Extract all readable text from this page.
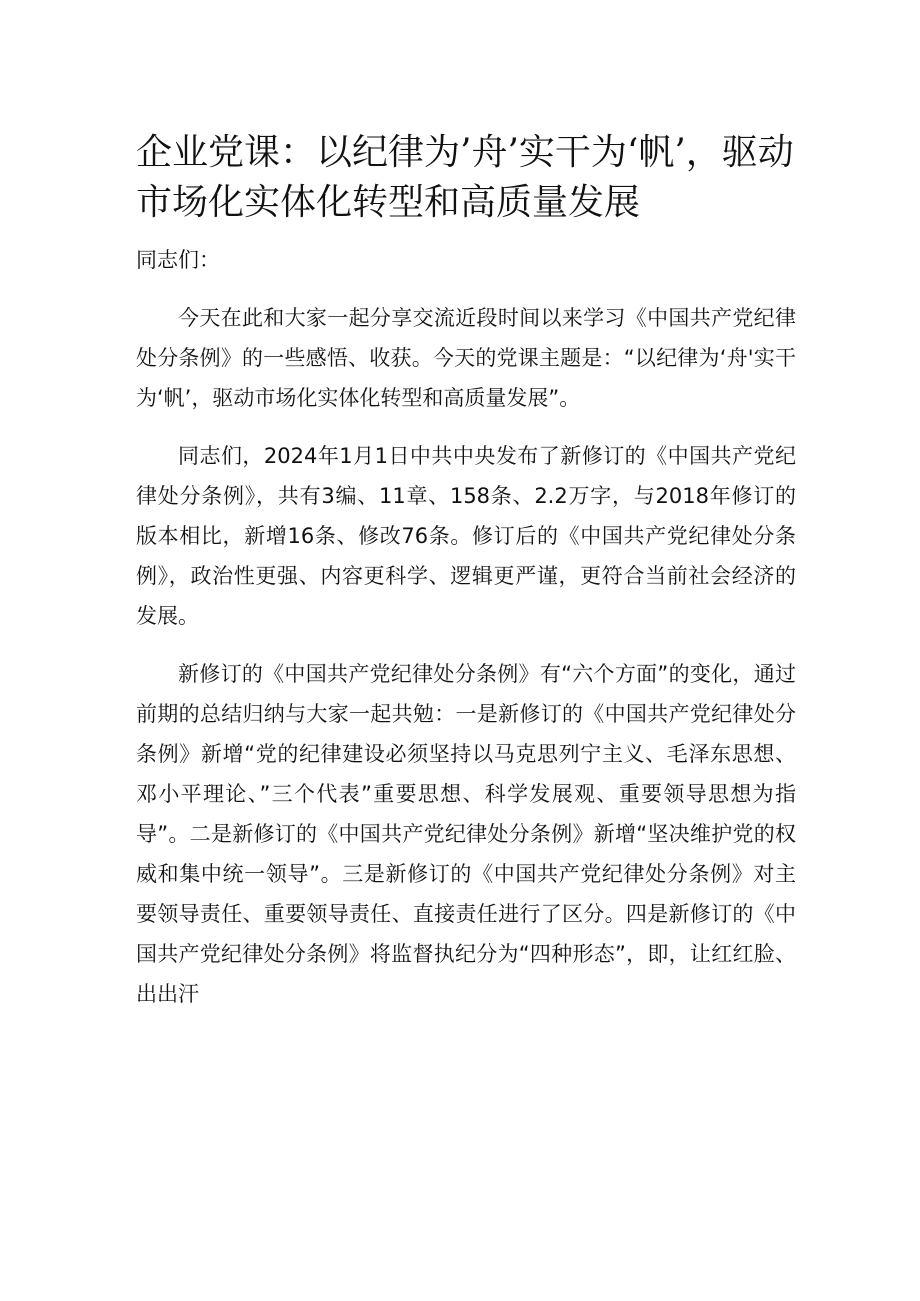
企业党课：以纪律为’舟’实干为‘帆’，驱动市场化实体化转型和高质量发展

同志们：

今天在此和大家一起分享交流近段时间以来学习《中国共产党纪律处分条例》的一些感悟、收获。今天的党课主题是：“以纪律为‘舟'实干为‘帆’，驱动市场化实体化转型和高质量发展”。

同志们，2024年1月1日中共中央发布了新修订的《中国共产党纪律处分条例》，共有3编、11章、158条、2.2万字，与2018年修订的版本相比，新增16条、修改76条。修订后的《中国共产党纪律处分条例》，政治性更强、内容更科学、逻辑更严谨，更符合当前社会经济的发展。

新修订的《中国共产党纪律处分条例》有“六个方面”的变化，通过前期的总结归纳与大家一起共勉：一是新修订的《中国共产党纪律处分条例》新增“党的纪律建设必须坚持以马克思列宁主义、毛泽东思想、邓小平理论、”三个代表”重要思想、科学发展观、重要领导思想为指导”。二是新修订的《中国共产党纪律处分条例》新增“坚决维护党的权威和集中统一领导”。三是新修订的《中国共产党纪律处分条例》对主要领导责任、重要领导责任、直接责任进行了区分。四是新修订的《中国共产党纪律处分条例》将监督执纪分为“四种形态”，即，让红红脸、出出汗
